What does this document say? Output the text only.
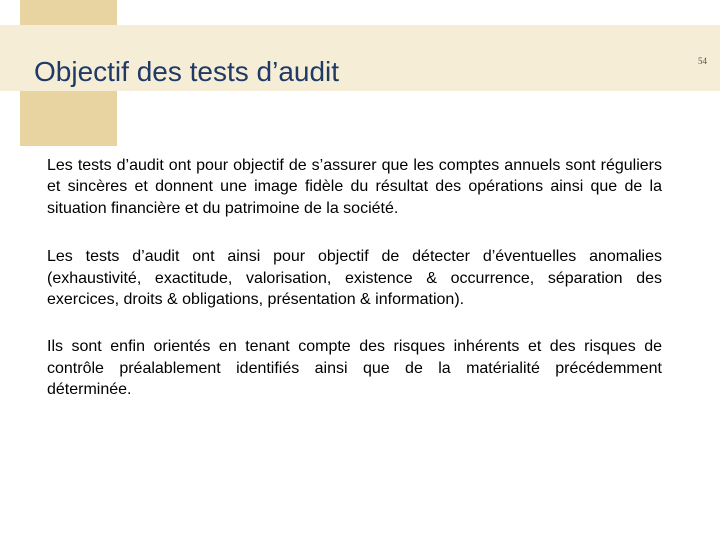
Objectif des tests d’audit	54

Les tests d’audit ont pour objectif de s’assurer que les comptes annuels sont réguliers et sincères et donnent une image fidèle du résultat des opérations ainsi que de la situation financière et du patrimoine de la société.

Les tests d’audit ont ainsi pour objectif de détecter d’éventuelles anomalies (exhaustivité, exactitude, valorisation, existence & occurrence, séparation des exercices, droits & obligations, présentation & information).

Ils sont enfin orientés en tenant compte des risques inhérents et des risques de contrôle préalablement identifiés ainsi que de la matérialité précédemment déterminée.
